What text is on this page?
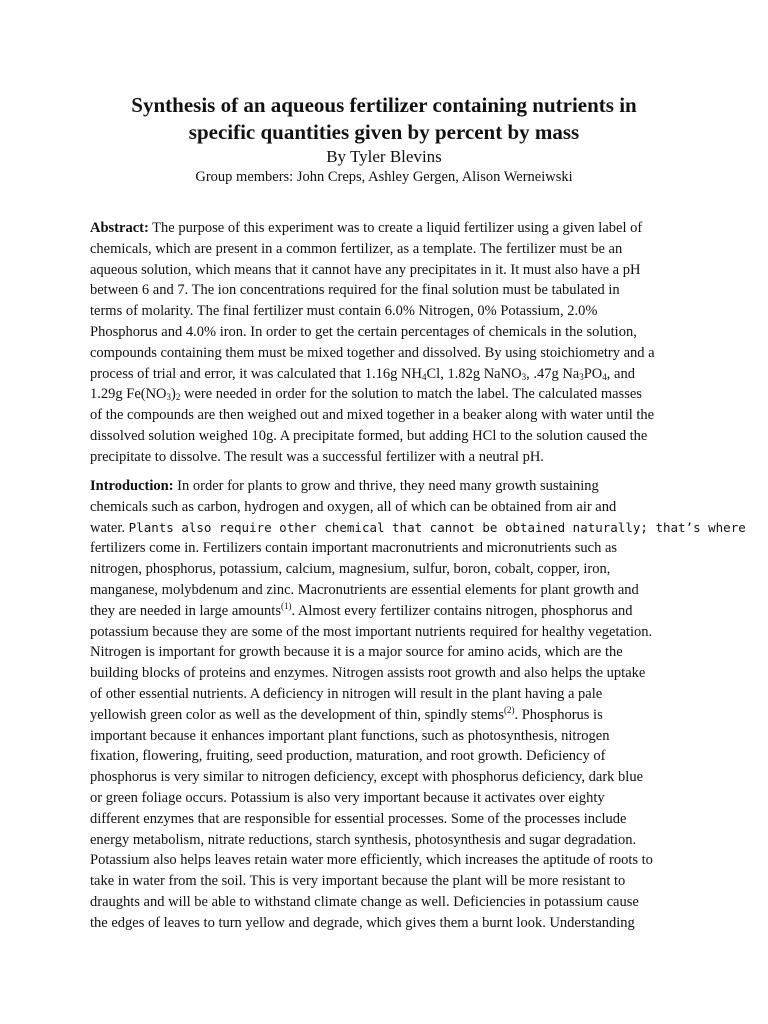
Synthesis of an aqueous fertilizer containing nutrients in
specific quantities given by percent by mass
By Tyler Blevins
Group members: John Creps, Ashley Gergen, Alison Werneiwski
Abstract: The purpose of this experiment was to create a liquid fertilizer using a given label of
chemicals, which are present in a common fertilizer, as a template. The fertilizer must be an
aqueous solution, which means that it cannot have any precipitates in it. It must also have a pH
between 6 and 7. The ion concentrations required for the final solution must be tabulated in
terms of molarity. The final fertilizer must contain 6.0% Nitrogen, 0% Potassium, 2.0%
Phosphorus and 4.0% iron. In order to get the certain percentages of chemicals in the solution,
compounds containing them must be mixed together and dissolved. By using stoichiometry and a
process of trial and error, it was calculated that 1.16g $NH_4Cl$, 1.82g NaNO$_3$, .47g $Na_3PO_4$, and
1.29g $Fe(NO_3)_2$ were needed in order for the solution to match the label. The calculated masses
of the compounds are then weighed out and mixed together in a beaker along with water until the
dissolved solution weighed 10g. A precipitate formed, but adding HCl to the solution caused the
precipitate to dissolve. The result was a successful fertilizer with a neutral pH.
Introduction: In order for plants to grow and thrive, they need many growth sustaining
chemicals such as carbon, hydrogen and oxygen, all of which can be obtained from air and
water. Plants also require other chemical that cannot be obtained naturally; that’s where
fertilizers come in. Fertilizers contain important macronutrients and micronutrients such as
nitrogen, phosphorus, potassium, calcium, magnesium, sulfur, boron, cobalt, copper, iron,
manganese, molybdenum and zinc. Macronutrients are essential elements for plant growth and
they are needed in large amounts$^{(1)}$. Almost every fertilizer contains nitrogen, phosphorus and
potassium because they are some of the most important nutrients required for healthy vegetation.
Nitrogen is important for growth because it is a major source for amino acids, which are the
building blocks of proteins and enzymes. Nitrogen assists root growth and also helps the uptake
of other essential nutrients. A deficiency in nitrogen will result in the plant having a pale
yellowish green color as well as the development of thin, spindly stems$^{(2)}$. Phosphorus is
important because it enhances important plant functions, such as photosynthesis, nitrogen
fixation, flowering, fruiting, seed production, maturation, and root growth. Deficiency of
phosphorus is very similar to nitrogen deficiency, except with phosphorus deficiency, dark blue
or green foliage occurs. Potassium is also very important because it activates over eighty
different enzymes that are responsible for essential processes. Some of the processes include
energy metabolism, nitrate reductions, starch synthesis, photosynthesis and sugar degradation.
Potassium also helps leaves retain water more efficiently, which increases the aptitude of roots to
take in water from the soil. This is very important because the plant will be more resistant to
draughts and will be able to withstand climate change as well. Deficiencies in potassium cause
the edges of leaves to turn yellow and degrade, which gives them a burnt look. Understanding
